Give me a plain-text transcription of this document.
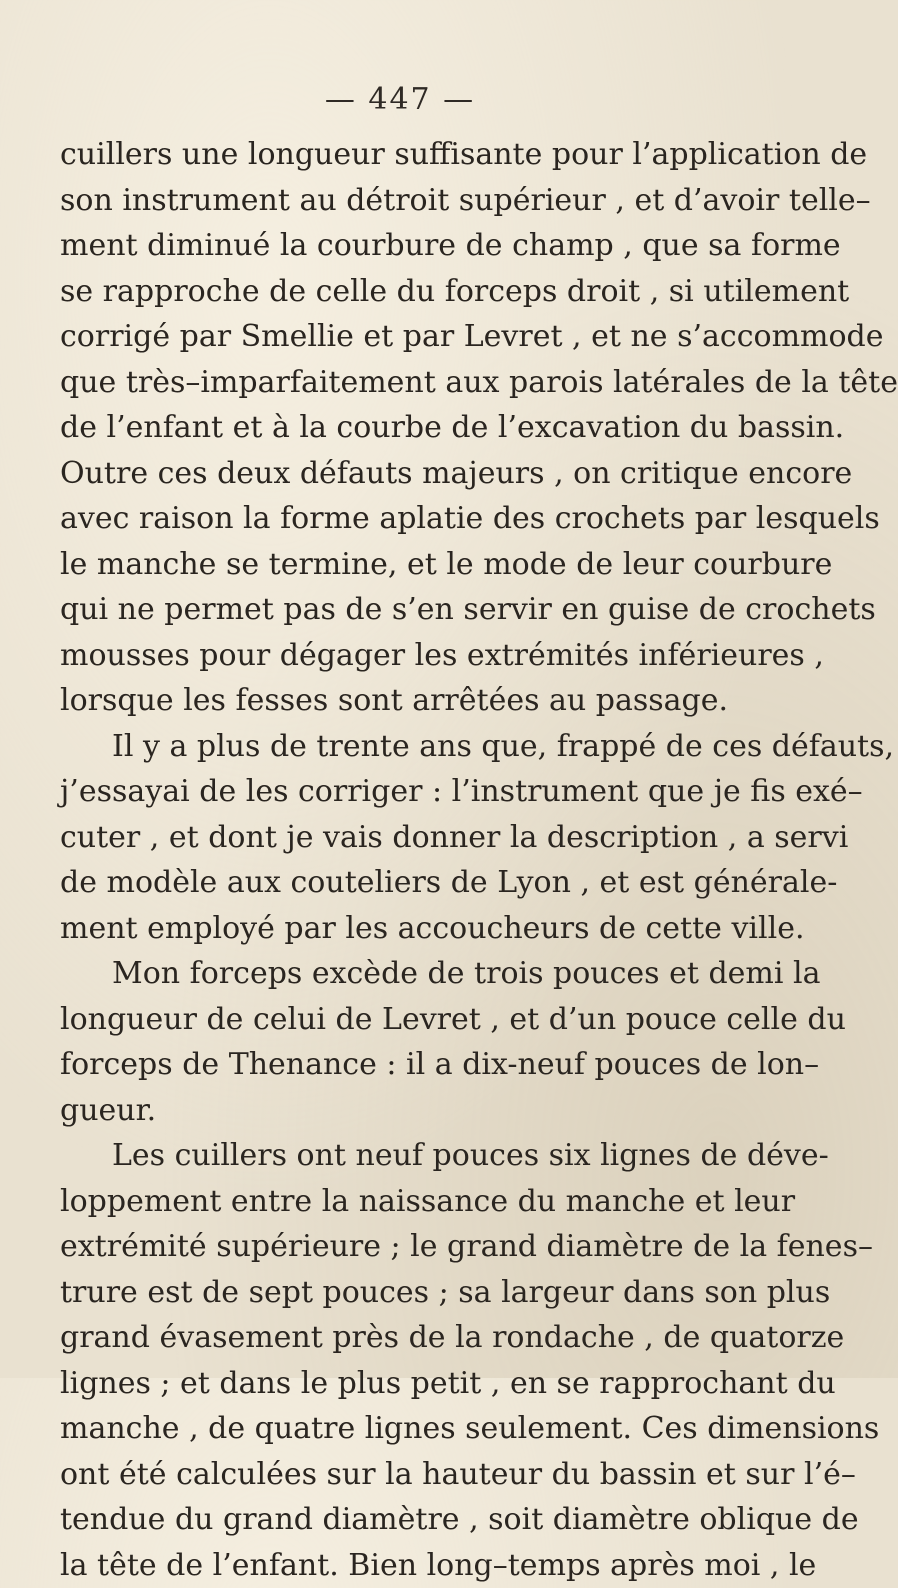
— 447 —
cuillers une longueur suffisante pour l’application de
son instrument au détroit supérieur , et d’avoir telle–
ment diminué la courbure de champ , que sa forme
se rapproche de celle du forceps droit , si utilement
corrigé par Smellie et par Levret , et ne s’accommode
que très–imparfaitement aux parois latérales de la tête
de l’enfant et à la courbe de l’excavation du bassin.
Outre ces deux défauts majeurs , on critique encore
avec raison la forme aplatie des crochets par lesquels
le manche se termine, et le mode de leur courbure
qui ne permet pas de s’en servir en guise de crochets
mousses pour dégager les extrémités inférieures ,
lorsque les fesses sont arrêtées au passage.
Il y a plus de trente ans que, frappé de ces défauts,
j’essayai de les corriger : l’instrument que je fis exé–
cuter , et dont je vais donner la description , a servi
de modèle aux couteliers de Lyon , et est générale-
ment employé par les accoucheurs de cette ville.
Mon forceps excède de trois pouces et demi la
longueur de celui de Levret , et d’un pouce celle du
forceps de Thenance : il a dix-neuf pouces de lon–
gueur.
Les cuillers ont neuf pouces six lignes de déve-
loppement entre la naissance du manche et leur
extrémité supérieure ; le grand diamètre de la fenes–
trure est de sept pouces ; sa largeur dans son plus
grand évasement près de la rondache , de quatorze
lignes ; et dans le plus petit , en se rapprochant du
manche , de quatre lignes seulement. Ces dimensions
ont été calculées sur la hauteur du bassin et sur l’é–
tendue du grand diamètre , soit diamètre oblique de
la tête de l’enfant. Bien long–temps après moi , le
